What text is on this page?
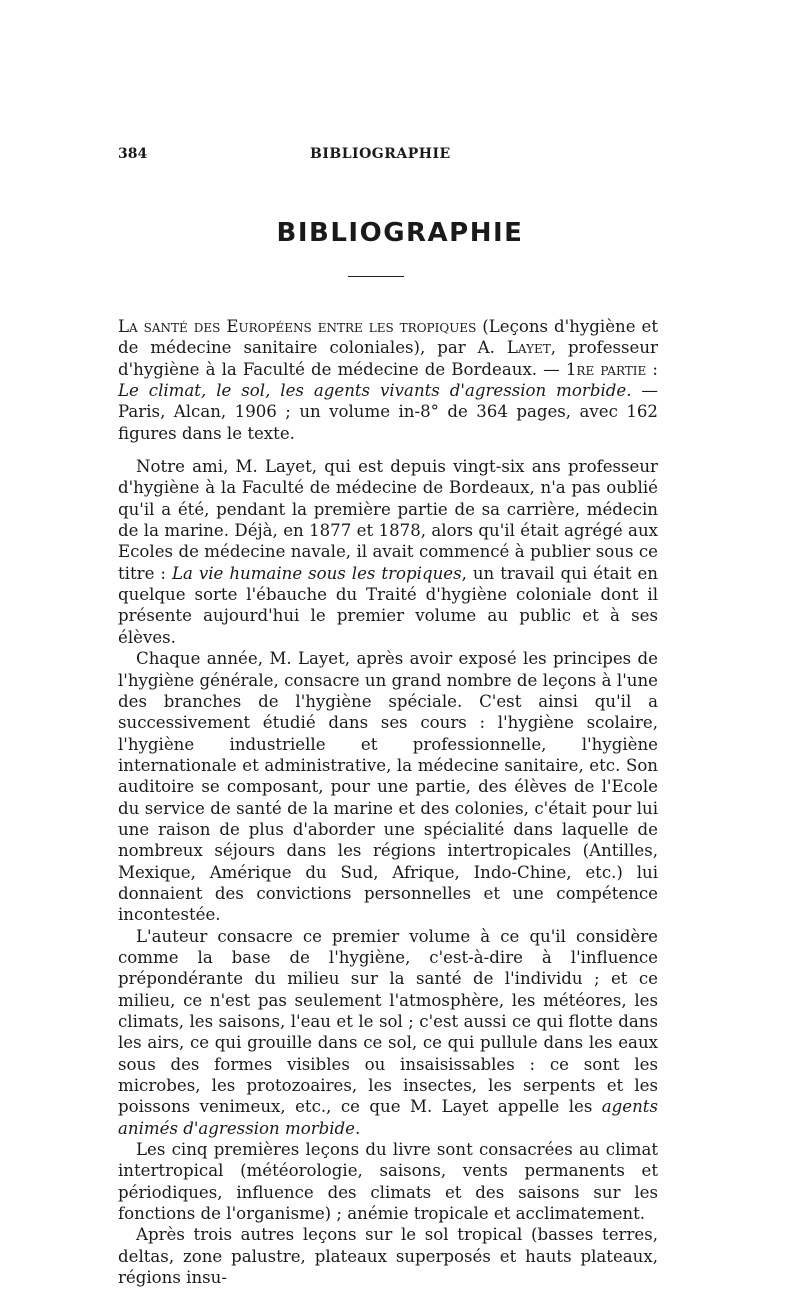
384	BIBLIOGRAPHIE
BIBLIOGRAPHIE

La santé des Européens entre les tropiques (Leçons d'hygiène et de médecine sanitaire coloniales), par A. Layet, professeur d'hygiène à la Faculté de médecine de Bordeaux. — 1re partie : Le climat, le sol, les agents vivants d'agression morbide. — Paris, Alcan, 1906 ; un volume in-8° de 364 pages, avec 162 figures dans le texte.

Notre ami, M. Layet, qui est depuis vingt-six ans professeur d'hygiène à la Faculté de médecine de Bordeaux, n'a pas oublié qu'il a été, pendant la première partie de sa carrière, médecin de la marine. Déjà, en 1877 et 1878, alors qu'il était agrégé aux Ecoles de médecine navale, il avait commencé à publier sous ce titre : La vie humaine sous les tropiques, un travail qui était en quelque sorte l'ébauche du Traité d'hygiène coloniale dont il présente aujourd'hui le premier volume au public et à ses élèves.

Chaque année, M. Layet, après avoir exposé les principes de l'hygiène générale, consacre un grand nombre de leçons à l'une des branches de l'hygiène spéciale. C'est ainsi qu'il a successivement étudié dans ses cours : l'hygiène scolaire, l'hygiène industrielle et professionnelle, l'hygiène internationale et administrative, la médecine sanitaire, etc. Son auditoire se composant, pour une partie, des élèves de l'Ecole du service de santé de la marine et des colonies, c'était pour lui une raison de plus d'aborder une spécialité dans laquelle de nombreux séjours dans les régions intertropicales (Antilles, Mexique, Amérique du Sud, Afrique, Indo-Chine, etc.) lui donnaient des convictions personnelles et une compétence incontestée.

L'auteur consacre ce premier volume à ce qu'il considère comme la base de l'hygiène, c'est-à-dire à l'influence prépondérante du milieu sur la santé de l'individu ; et ce milieu, ce n'est pas seulement l'atmosphère, les météores, les climats, les saisons, l'eau et le sol ; c'est aussi ce qui flotte dans les airs, ce qui grouille dans ce sol, ce qui pullule dans les eaux sous des formes visibles ou insaisissables : ce sont les microbes, les protozoaires, les insectes, les serpents et les poissons venimeux, etc., ce que M. Layet appelle les agents animés d'agression morbide.

Les cinq premières leçons du livre sont consacrées au climat intertropical (météorologie, saisons, vents permanents et périodiques, influence des climats et des saisons sur les fonctions de l'organisme) ; anémie tropicale et acclimatement.

Après trois autres leçons sur le sol tropical (basses terres, deltas, zone palustre, plateaux superposés et hauts plateaux, régions insu-
